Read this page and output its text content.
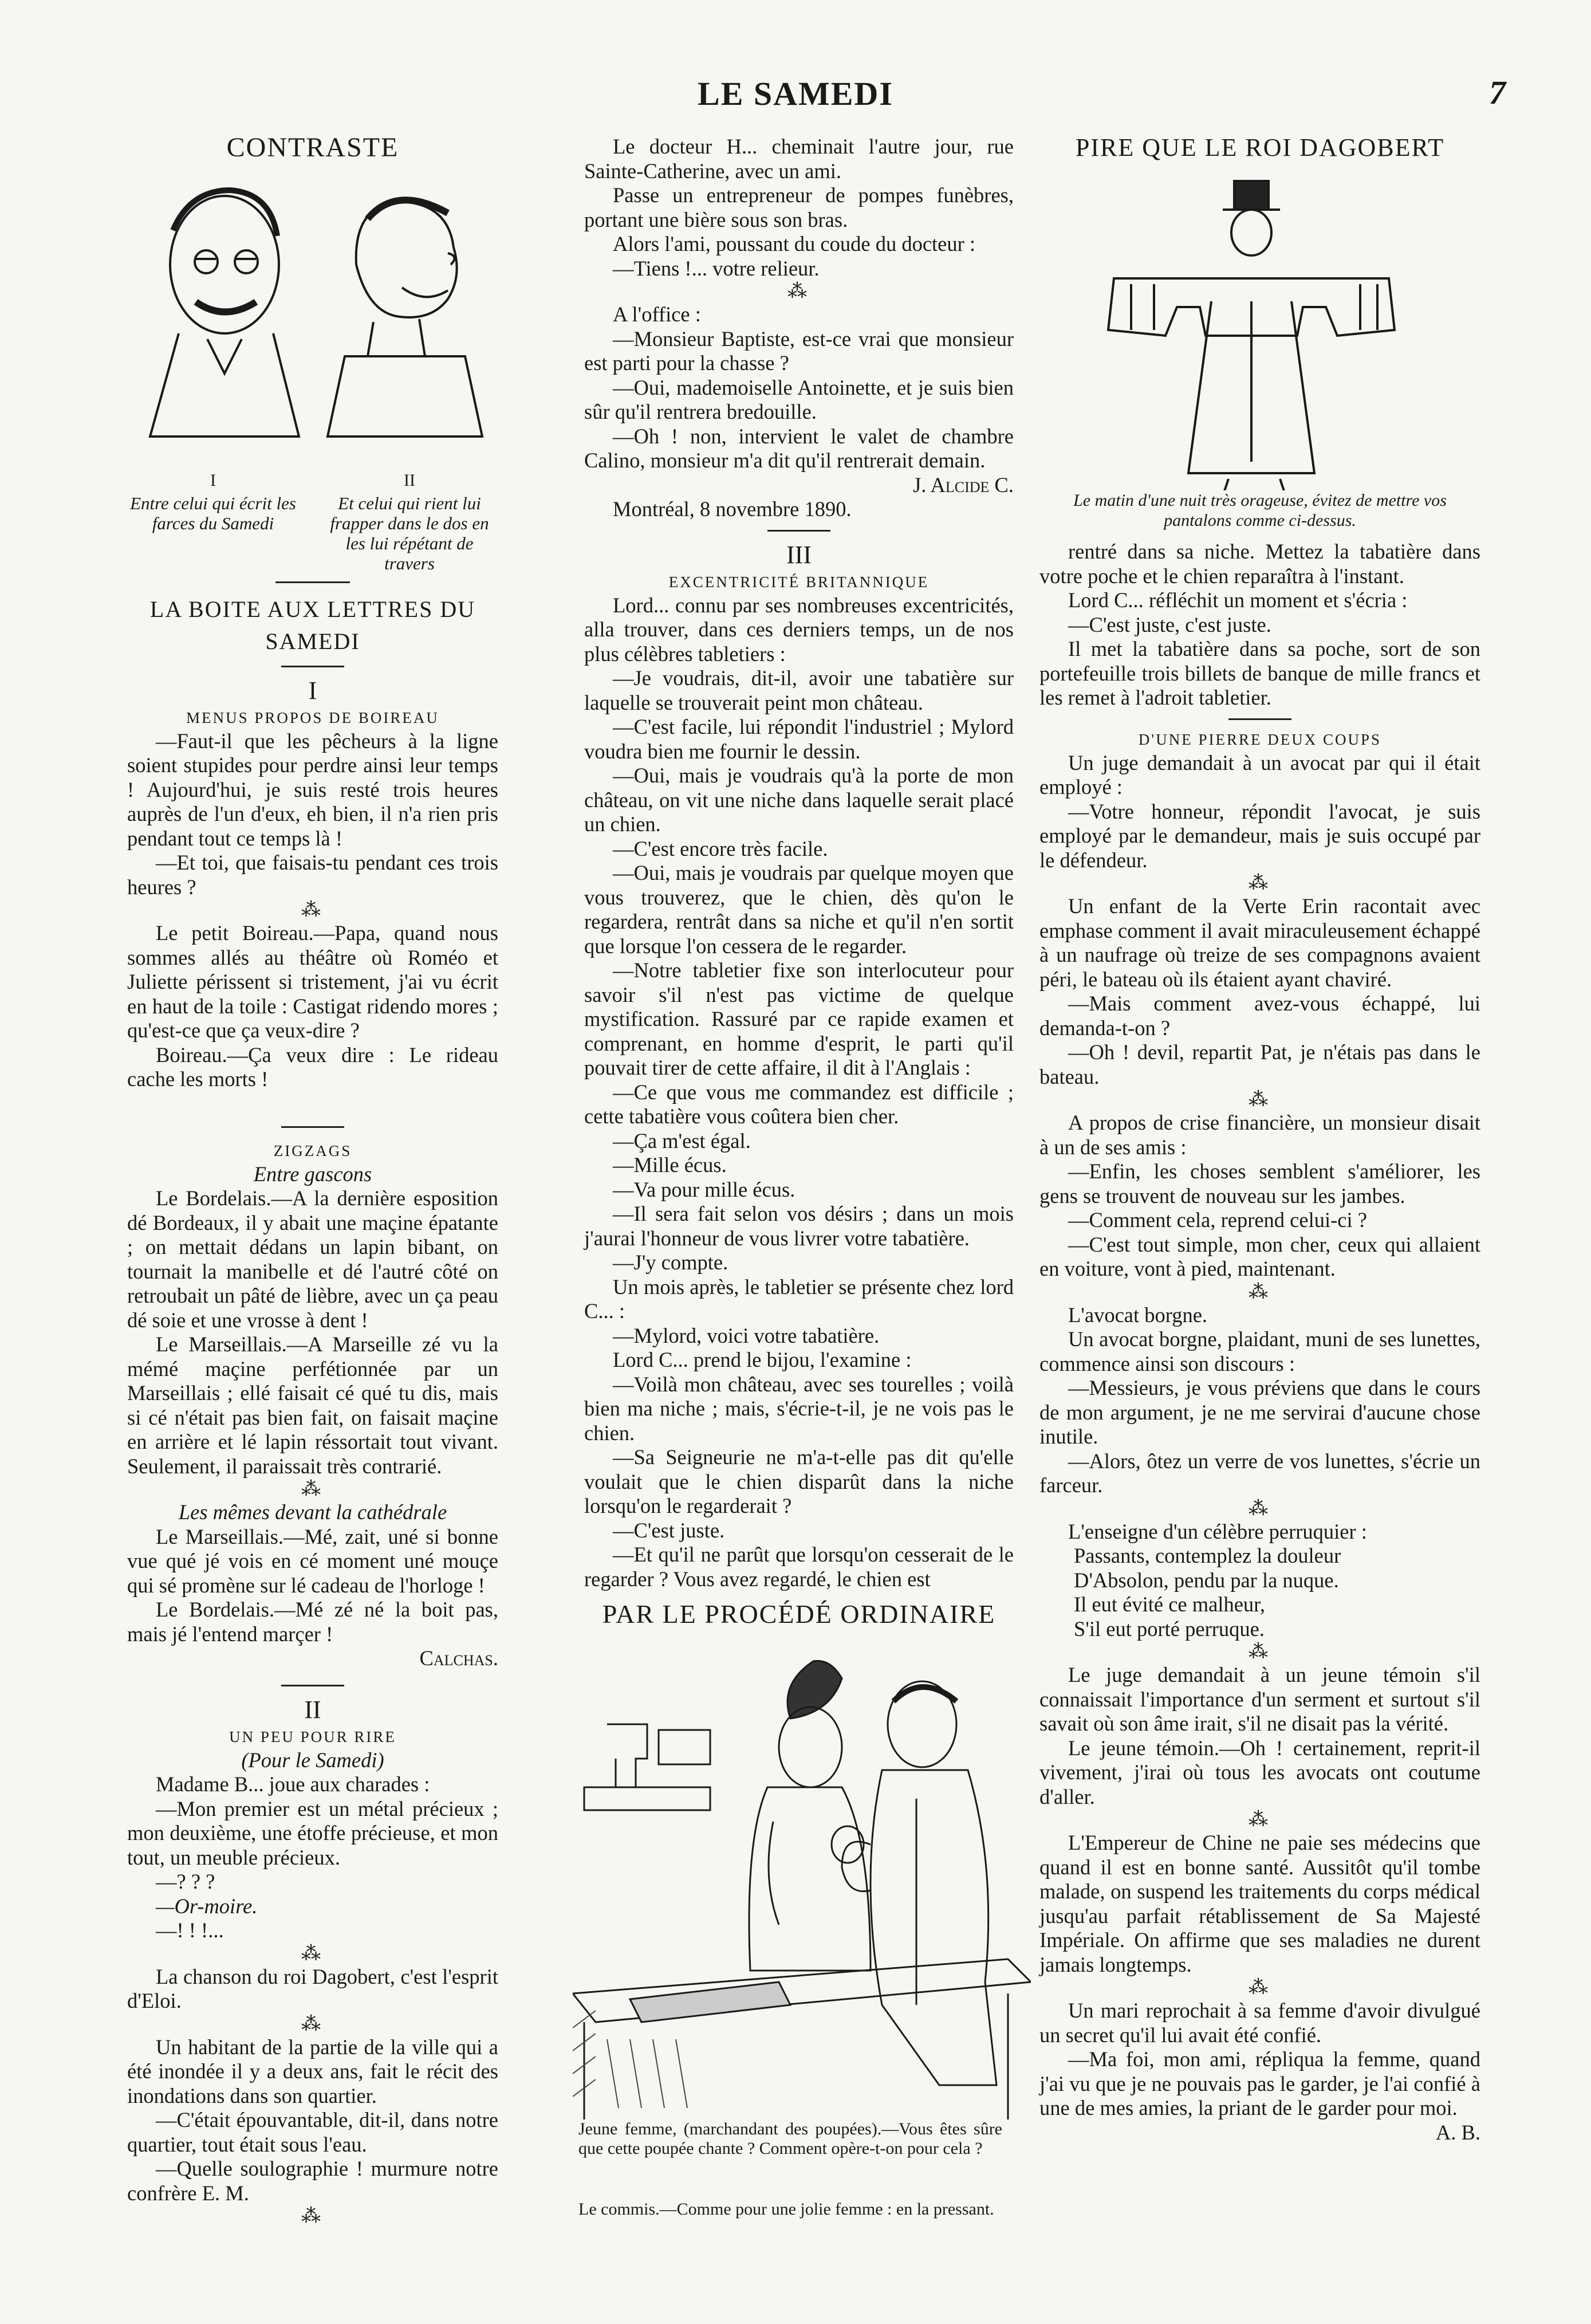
LE SAMEDI	7
CONTRASTE
I
Entre celui qui écrit les farces du Samedi
II
Et celui qui rient lui frapper dans le dos en les lui répétant de travers
LA BOITE AUX LETTRES DU SAMEDI
I
MENUS PROPOS DE BOIREAU

—Faut-il que les pêcheurs à la ligne soient stupides pour perdre ainsi leur temps ! Aujourd'hui, je suis resté trois heures auprès de l'un d'eux, eh bien, il n'a rien pris pendant tout ce temps là !

—Et toi, que faisais-tu pendant ces trois heures ?

⁂

Le petit Boireau.—Papa, quand nous sommes allés au théâtre où Roméo et Juliette périssent si tristement, j'ai vu écrit en haut de la toile : Castigat ridendo mores ; qu'est-ce que ça veux-dire ?

Boireau.—Ça veux dire : Le rideau cache les morts !

ZIGZAGS
Entre gascons

Le Bordelais.—A la dernière esposition dé Bordeaux, il y abait une maçine épatante ; on mettait dédans un lapin bibant, on tournait la manibelle et dé l'autré côté on retroubait un pâté de lièbre, avec un ça peau dé soie et une vrosse à dent !

Le Marseillais.—A Marseille zé vu la mémé maçine perfétionnée par un Marseillais ; ellé faisait cé qué tu dis, mais si cé n'était pas bien fait, on faisait maçine en arrière et lé lapin réssortait tout vivant. Seulement, il paraissait très contrarié.

⁂
Les mêmes devant la cathédrale

Le Marseillais.—Mé, zait, uné si bonne vue qué jé vois en cé moment uné mouçe qui sé promène sur lé cadeau de l'horloge !

Le Bordelais.—Mé zé né la boit pas, mais jé l'entend marçer !

Calchas.
II
UN PEU POUR RIRE
(Pour le Samedi)

Madame B... joue aux charades :

—Mon premier est un métal précieux ; mon deuxième, une étoffe précieuse, et mon tout, un meuble précieux.

—? ? ?

—Or-moire.

—! ! !...

⁂

La chanson du roi Dagobert, c'est l'esprit d'Eloi.

⁂

Un habitant de la partie de la ville qui a été inondée il y a deux ans, fait le récit des inondations dans son quartier.

—C'était épouvantable, dit-il, dans notre quartier, tout était sous l'eau.

—Quelle soulographie ! murmure notre confrère E. M.

⁂

Le docteur H... cheminait l'autre jour, rue Sainte-Catherine, avec un ami.

Passe un entrepreneur de pompes funèbres, portant une bière sous son bras.

Alors l'ami, poussant du coude du docteur :

—Tiens !... votre relieur.

⁂

A l'office :

—Monsieur Baptiste, est-ce vrai que monsieur est parti pour la chasse ?

—Oui, mademoiselle Antoinette, et je suis bien sûr qu'il rentrera bredouille.

—Oh ! non, intervient le valet de chambre Calino, monsieur m'a dit qu'il rentrerait demain.

J. Alcide C.

Montréal, 8 novembre 1890.

III
EXCENTRICITÉ BRITANNIQUE

Lord... connu par ses nombreuses excentricités, alla trouver, dans ces derniers temps, un de nos plus célèbres tabletiers :

—Je voudrais, dit-il, avoir une tabatière sur laquelle se trouverait peint mon château.

—C'est facile, lui répondit l'industriel ; Mylord voudra bien me fournir le dessin.

—Oui, mais je voudrais qu'à la porte de mon château, on vit une niche dans laquelle serait placé un chien.

—C'est encore très facile.

—Oui, mais je voudrais par quelque moyen que vous trouverez, que le chien, dès qu'on le regardera, rentrât dans sa niche et qu'il n'en sortit que lorsque l'on cessera de le regarder.

—Notre tabletier fixe son interlocuteur pour savoir s'il n'est pas victime de quelque mystification. Rassuré par ce rapide examen et comprenant, en homme d'esprit, le parti qu'il pouvait tirer de cette affaire, il dit à l'Anglais :

—Ce que vous me commandez est difficile ; cette tabatière vous coûtera bien cher.

—Ça m'est égal.

—Mille écus.

—Va pour mille écus.

—Il sera fait selon vos désirs ; dans un mois j'aurai l'honneur de vous livrer votre tabatière.

—J'y compte.

Un mois après, le tabletier se présente chez lord C... :

—Mylord, voici votre tabatière.

Lord C... prend le bijou, l'examine :

—Voilà mon château, avec ses tourelles ; voilà bien ma niche ; mais, s'écrie-t-il, je ne vois pas le chien.

—Sa Seigneurie ne m'a-t-elle pas dit qu'elle voulait que le chien disparût dans la niche lorsqu'on le regarderait ?

—C'est juste.

—Et qu'il ne parût que lorsqu'on cesserait de le regarder ? Vous avez regardé, le chien est

PAR LE PROCÉDÉ ORDINAIRE
Jeune femme, (marchandant des poupées).—Vous êtes sûre que cette poupée chante ? Comment opère-t-on pour cela ?
Le commis.—Comme pour une jolie femme : en la pressant.
PIRE QUE LE ROI DAGOBERT
Le matin d'une nuit très orageuse, évitez de mettre vos pantalons comme ci-dessus.

rentré dans sa niche. Mettez la tabatière dans votre poche et le chien reparaîtra à l'instant.

Lord C... réfléchit un moment et s'écria :

—C'est juste, c'est juste.

Il met la tabatière dans sa poche, sort de son portefeuille trois billets de banque de mille francs et les remet à l'adroit tabletier.

D'UNE PIERRE DEUX COUPS

Un juge demandait à un avocat par qui il était employé :

—Votre honneur, répondit l'avocat, je suis employé par le demandeur, mais je suis occupé par le défendeur.

⁂

Un enfant de la Verte Erin racontait avec emphase comment il avait miraculeusement échappé à un naufrage où treize de ses compagnons avaient péri, le bateau où ils étaient ayant chaviré.

—Mais comment avez-vous échappé, lui demanda-t-on ?

—Oh ! devil, repartit Pat, je n'étais pas dans le bateau.

⁂

A propos de crise financière, un monsieur disait à un de ses amis :

—Enfin, les choses semblent s'améliorer, les gens se trouvent de nouveau sur les jambes.

—Comment cela, reprend celui-ci ?

—C'est tout simple, mon cher, ceux qui allaient en voiture, vont à pied, maintenant.

⁂

L'avocat borgne.

Un avocat borgne, plaidant, muni de ses lunettes, commence ainsi son discours :

—Messieurs, je vous préviens que dans le cours de mon argument, je ne me servirai d'aucune chose inutile.

—Alors, ôtez un verre de vos lunettes, s'écrie un farceur.

⁂

L'enseigne d'un célèbre perruquier :

Passants, contemplez la douleur
D'Absolon, pendu par la nuque.
Il eut évité ce malheur,
S'il eut porté perruque.
⁂

Le juge demandait à un jeune témoin s'il connaissait l'importance d'un serment et surtout s'il savait où son âme irait, s'il ne disait pas la vérité.

Le jeune témoin.—Oh ! certainement, reprit-il vivement, j'irai où tous les avocats ont coutume d'aller.

⁂

L'Empereur de Chine ne paie ses médecins que quand il est en bonne santé. Aussitôt qu'il tombe malade, on suspend les traitements du corps médical jusqu'au parfait rétablissement de Sa Majesté Impériale. On affirme que ses maladies ne durent jamais longtemps.

⁂

Un mari reprochait à sa femme d'avoir divulgué un secret qu'il lui avait été confié.

—Ma foi, mon ami, répliqua la femme, quand j'ai vu que je ne pouvais pas le garder, je l'ai confié à une de mes amies, la priant de le garder pour moi.

A. B.
